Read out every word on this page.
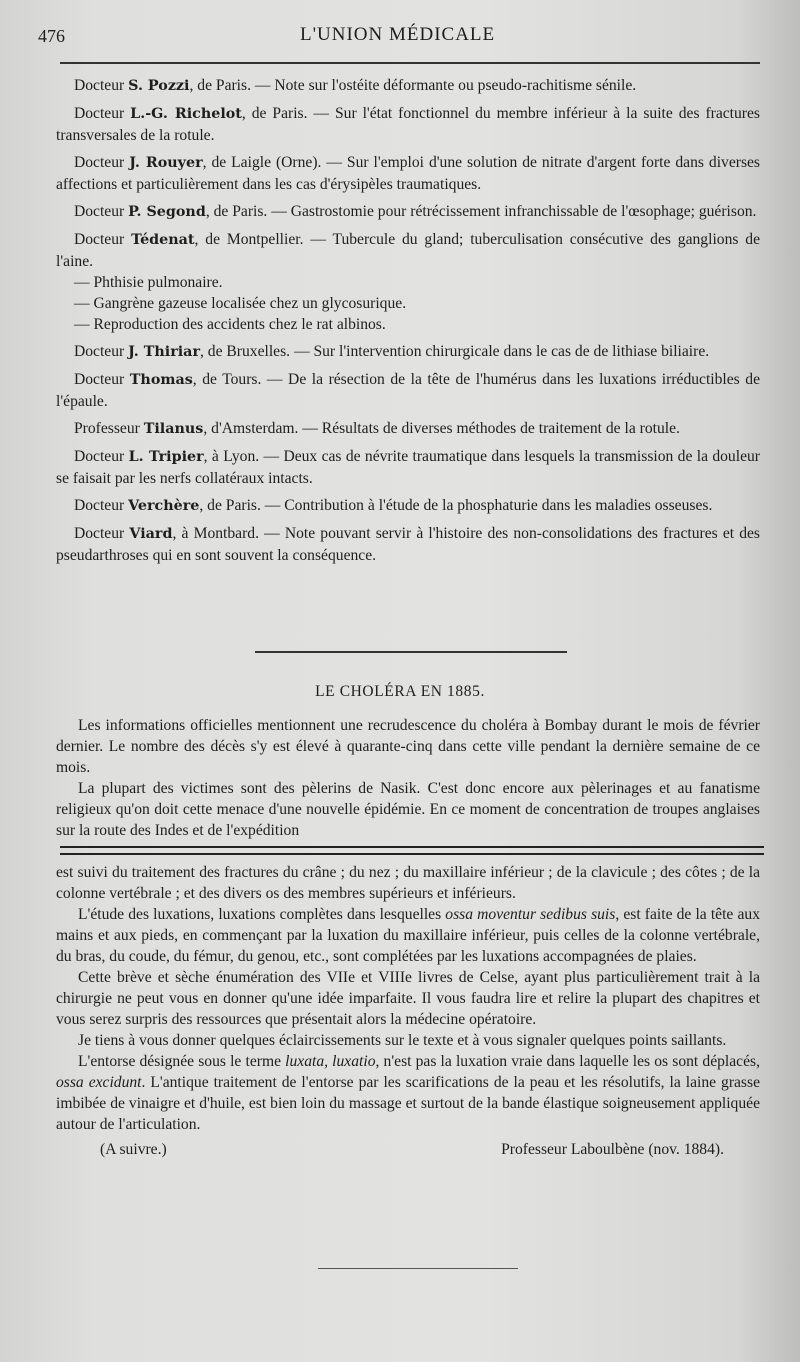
476	L'UNION MÉDICALE

Docteur S. Pozzi, de Paris. — Note sur l'ostéite déformante ou pseudo-rachitisme sénile.

Docteur L.-G. Richelot, de Paris. — Sur l'état fonctionnel du membre inférieur à la suite des fractures transversales de la rotule.

Docteur J. Rouyer, de Laigle (Orne). — Sur l'emploi d'une solution de nitrate d'argent forte dans diverses affections et particulièrement dans les cas d'érysipèles traumatiques.

Docteur P. Segond, de Paris. — Gastrostomie pour rétrécissement infranchissable de l'œsophage; guérison.

Docteur Tédenat, de Montpellier. — Tubercule du gland; tuberculisation consécutive des ganglions de l'aine.

— Phthisie pulmonaire.

— Gangrène gazeuse localisée chez un glycosurique.

— Reproduction des accidents chez le rat albinos.

Docteur J. Thiriar, de Bruxelles. — Sur l'intervention chirurgicale dans le cas de de lithiase biliaire.

Docteur Thomas, de Tours. — De la résection de la tête de l'humérus dans les luxations irréductibles de l'épaule.

Professeur Tilanus, d'Amsterdam. — Résultats de diverses méthodes de traitement de la rotule.

Docteur L. Tripier, à Lyon. — Deux cas de névrite traumatique dans lesquels la transmission de la douleur se faisait par les nerfs collatéraux intacts.

Docteur Verchère, de Paris. — Contribution à l'étude de la phosphaturie dans les maladies osseuses.

Docteur Viard, à Montbard. — Note pouvant servir à l'histoire des non-consolidations des fractures et des pseudarthroses qui en sont souvent la conséquence.

LE CHOLÉRA EN 1885.

Les informations officielles mentionnent une recrudescence du choléra à Bombay durant le mois de février dernier. Le nombre des décès s'y est élevé à quarante-cinq dans cette ville pendant la dernière semaine de ce mois.

La plupart des victimes sont des pèlerins de Nasik. C'est donc encore aux pèlerinages et au fanatisme religieux qu'on doit cette menace d'une nouvelle épidémie. En ce moment de concentration de troupes anglaises sur la route des Indes et de l'expédition

est suivi du traitement des fractures du crâne ; du nez ; du maxillaire inférieur ; de la clavicule ; des côtes ; de la colonne vertébrale ; et des divers os des membres supérieurs et inférieurs.

L'étude des luxations, luxations complètes dans lesquelles ossa moventur sedibus suis, est faite de la tête aux mains et aux pieds, en commençant par la luxation du maxillaire inférieur, puis celles de la colonne vertébrale, du bras, du coude, du fémur, du genou, etc., sont complétées par les luxations accompagnées de plaies.

Cette brève et sèche énumération des VIIe et VIIIe livres de Celse, ayant plus particulièrement trait à la chirurgie ne peut vous en donner qu'une idée imparfaite. Il vous faudra lire et relire la plupart des chapitres et vous serez surpris des ressources que présentait alors la médecine opératoire.

Je tiens à vous donner quelques éclaircissements sur le texte et à vous signaler quelques points saillants.

L'entorse désignée sous le terme luxata, luxatio, n'est pas la luxation vraie dans laquelle les os sont déplacés, ossa excidunt. L'antique traitement de l'entorse par les scarifications de la peau et les résolutifs, la laine grasse imbibée de vinaigre et d'huile, est bien loin du massage et surtout de la bande élastique soigneusement appliquée autour de l'articulation.

(A suivre.)	Professeur Laboulbène (nov. 1884).
